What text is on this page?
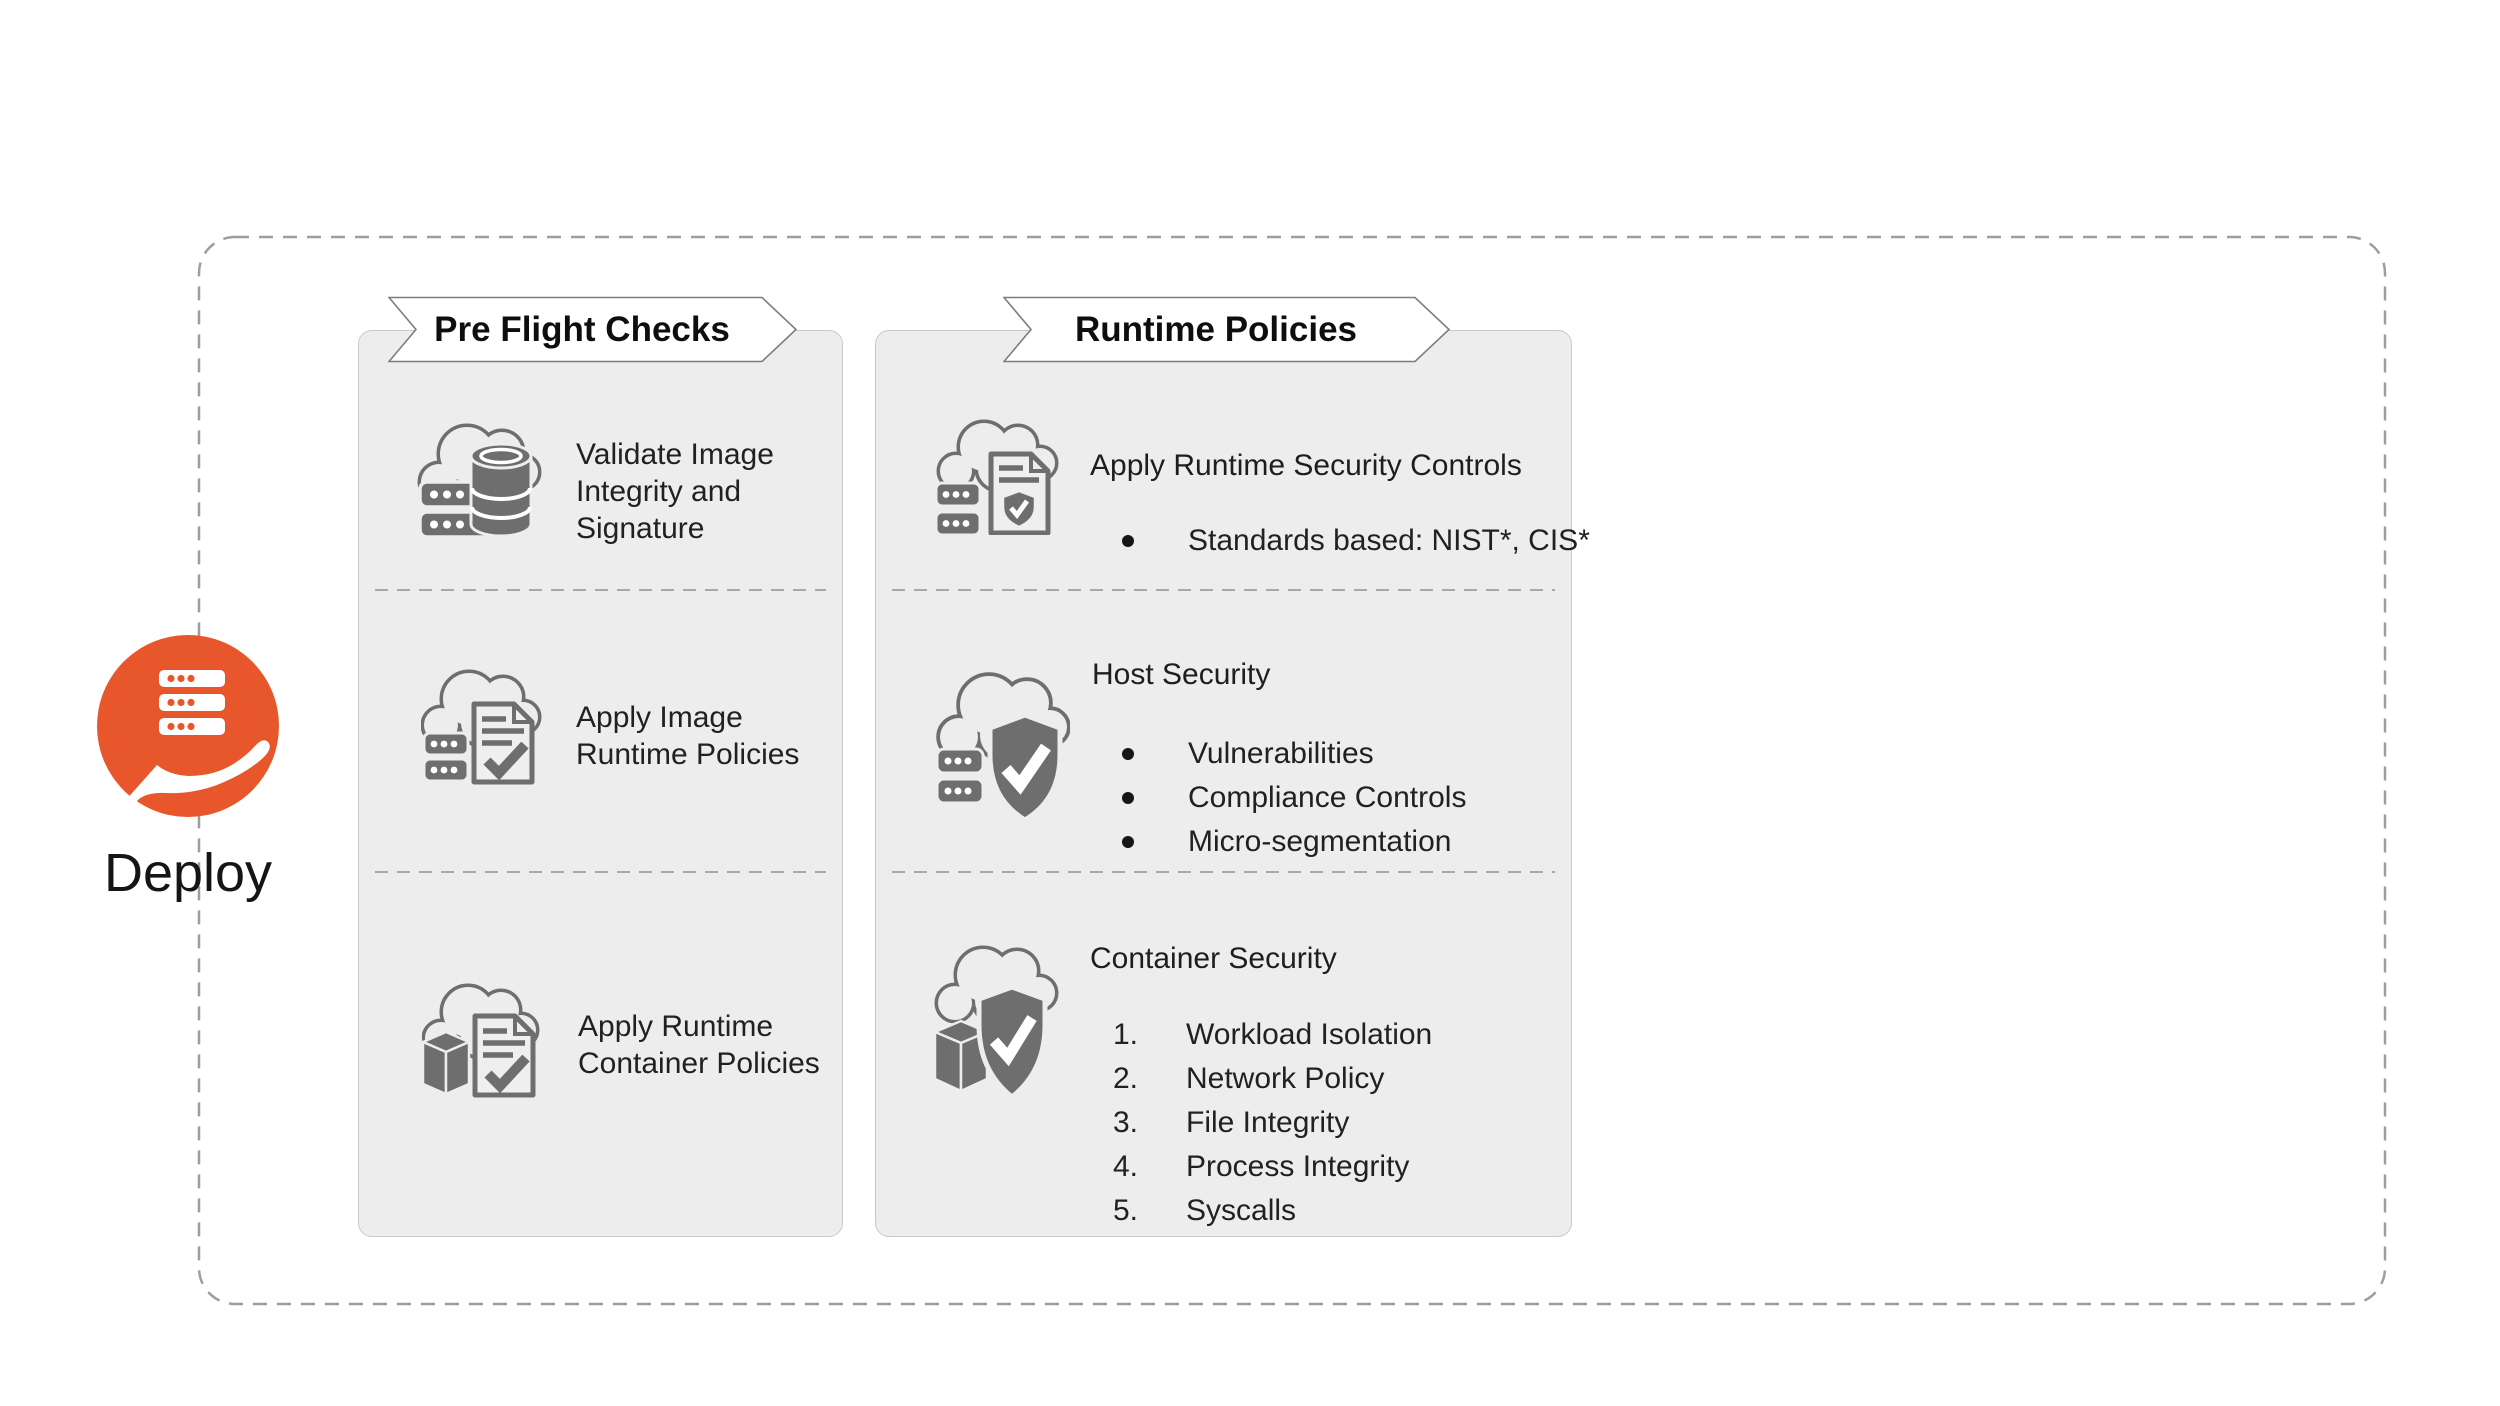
Deploy
Validate Image Integrity and Signature
Apply Image Runtime Policies
Apply Runtime Container Policies
Pre Flight Checks
Apply Runtime Security Controls
Standards based: NIST*, CIS*
Host Security
Vulnerabilities
Compliance Controls
Micro-segmentation
Container Security
1.	Workload Isolation
2.	Network Policy
3.	File Integrity
4.	Process Integrity
5.	Syscalls
Runtime Policies
